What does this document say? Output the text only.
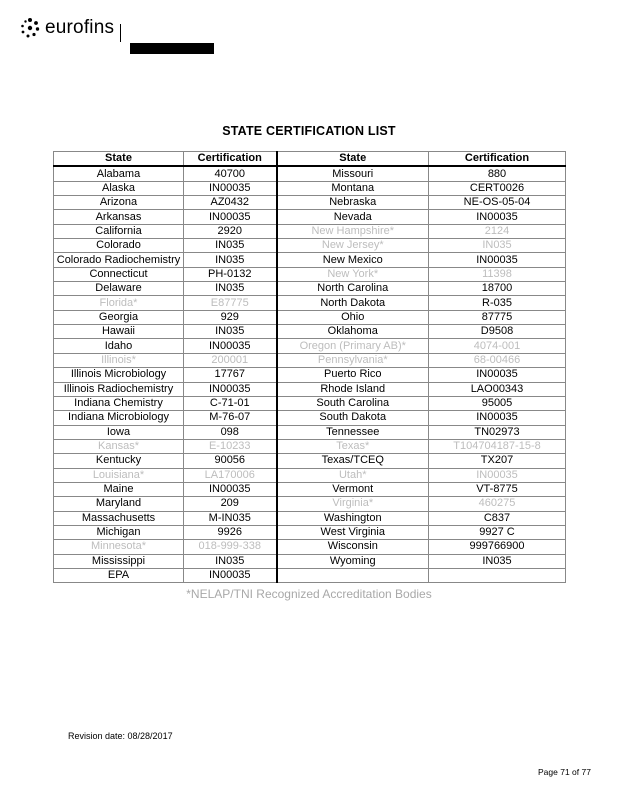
eurofins
STATE CERTIFICATION LIST
State	Certification	State	Certification
Alabama	40700	Missouri	880
Alaska	IN00035	Montana	CERT0026
Arizona	AZ0432	Nebraska	NE-OS-05-04
Arkansas	IN00035	Nevada	IN00035
California	2920	New Hampshire*	2124
Colorado	IN035	New Jersey*	IN035
Colorado Radiochemistry	IN035	New Mexico	IN00035
Connecticut	PH-0132	New York*	11398
Delaware	IN035	North Carolina	18700
Florida*	E87775	North Dakota	R-035
Georgia	929	Ohio	87775
Hawaii	IN035	Oklahoma	D9508
Idaho	IN00035	Oregon (Primary AB)*	4074-001
Illinois*	200001	Pennsylvania*	68-00466
Illinois Microbiology	17767	Puerto Rico	IN00035
Illinois Radiochemistry	IN00035	Rhode Island	LAO00343
Indiana Chemistry	C-71-01	South Carolina	95005
Indiana Microbiology	M-76-07	South Dakota	IN00035
Iowa	098	Tennessee	TN02973
Kansas*	E-10233	Texas*	T104704187-15-8
Kentucky	90056	Texas/TCEQ	TX207
Louisiana*	LA170006	Utah*	IN00035
Maine	IN00035	Vermont	VT-8775
Maryland	209	Virginia*	460275
Massachusetts	M-IN035	Washington	C837
Michigan	9926	West Virginia	9927 C
Minnesota*	018-999-338	Wisconsin	999766900
Mississippi	IN035	Wyoming	IN035
EPA	IN00035		
*NELAP/TNI Recognized Accreditation Bodies
Revision date: 08/28/2017
Page 71 of 77
